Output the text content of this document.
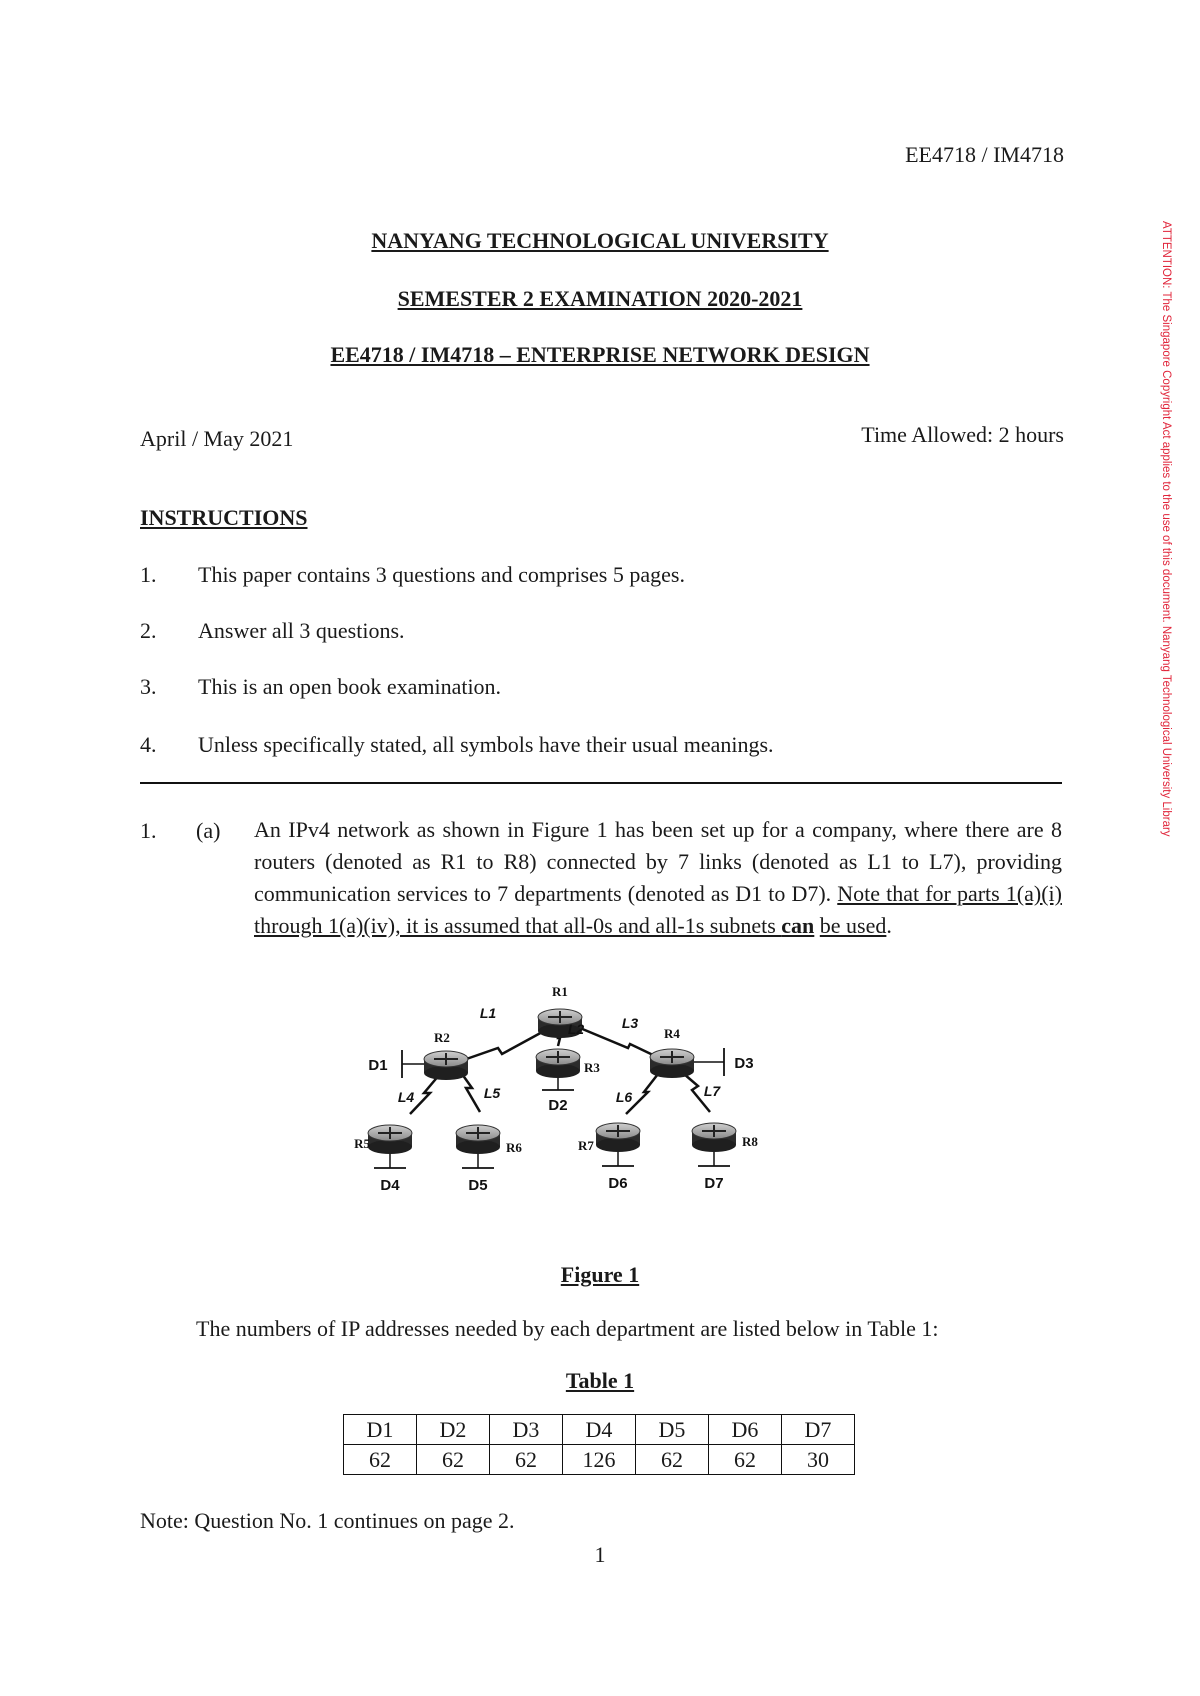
EE4718 / IM4718
NANYANG TECHNOLOGICAL UNIVERSITY
SEMESTER 2 EXAMINATION 2020-2021
EE4718 / IM4718 – ENTERPRISE NETWORK DESIGN
April / May 2021	Time Allowed: 2 hours
INSTRUCTIONS
1. This paper contains 3 questions and comprises 5 pages.
2. Answer all 3 questions.
3. This is an open book examination.
4. Unless specifically stated, all symbols have their usual meanings.
1. (a) An IPv4 network as shown in Figure 1 has been set up for a company, where there are 8 routers (denoted as R1 to R8) connected by 7 links (denoted as L1 to L7), providing communication services to 7 departments (denoted as D1 to D7). Note that for parts 1(a)(i) through 1(a)(iv), it is assumed that all-0s and all-1s subnets can be used.
ATTENTION: The Singapore Copyright Act applies to the use of this document. Nanyang Technological University Library
R1
R2
R3
R4
R5	R6	R7	R8
L1
L2	L3
L4	L5	L6	L7
D1
D2
D3
D4	D5	D6	D7
Figure 1
The numbers of IP addresses needed by each department are listed below in Table 1:
Table 1
D1	D2	D3	D4	D5	D6	D7
62	62	62	126	62	62	30
Note: Question No. 1 continues on page 2.
1
